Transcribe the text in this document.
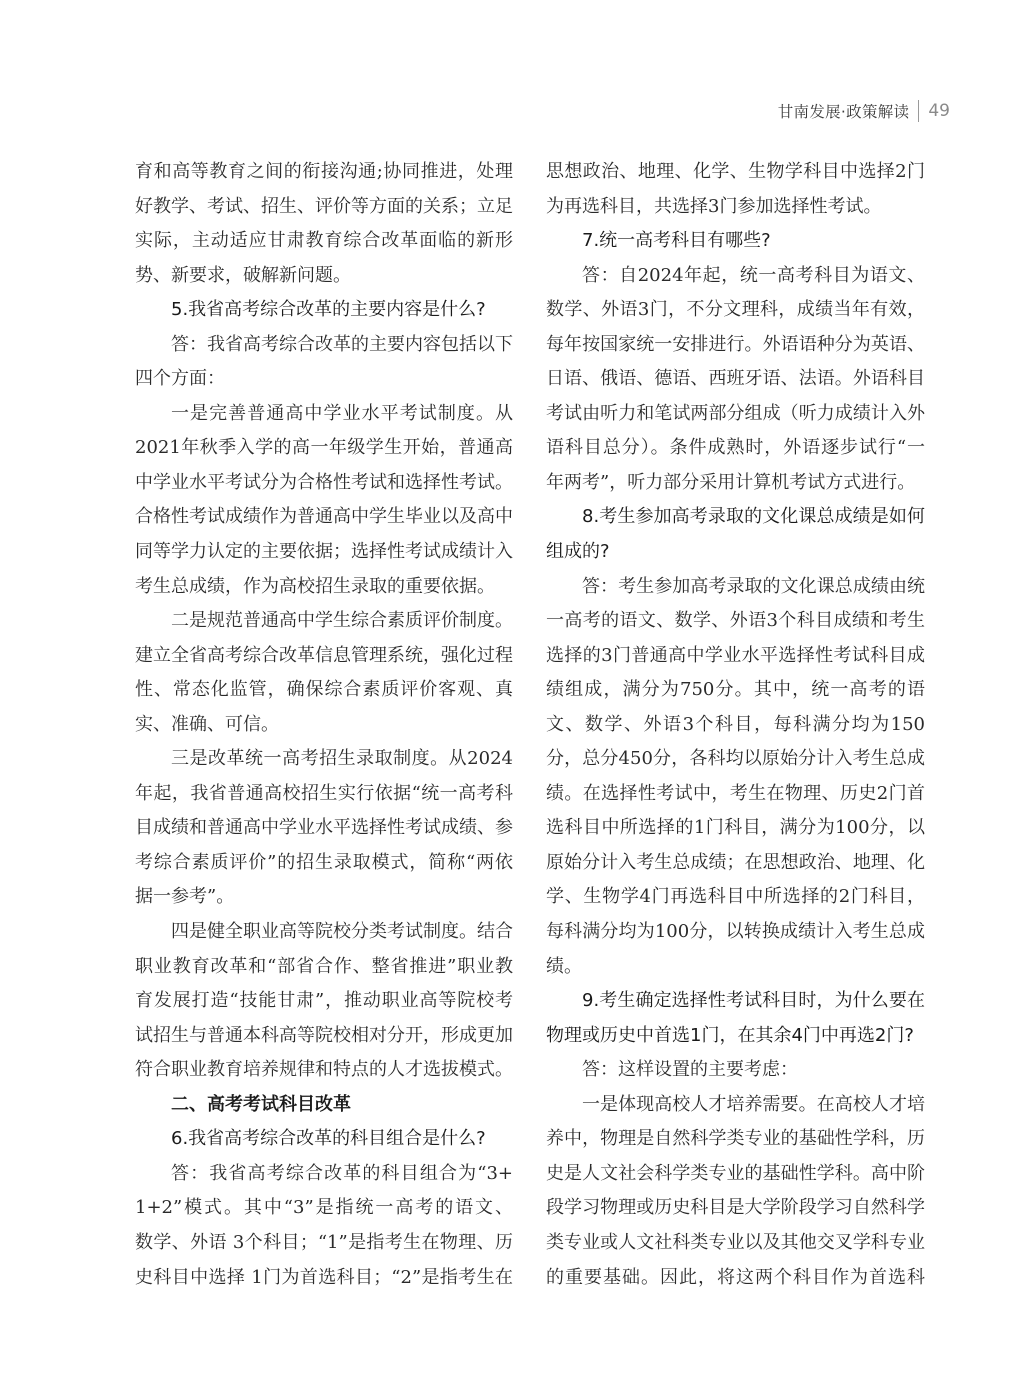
甘南发展·政策解读 49
育和高等教育之间的衔接沟通;协同推进，处理
好教学、考试、招生、评价等方面的关系；立足
实际，主动适应甘肃教育综合改革面临的新形
势、新要求，破解新问题。
5.我省高考综合改革的主要内容是什么?
答：我省高考综合改革的主要内容包括以下
四个方面：
一是完善普通高中学业水平考试制度。从
2021年秋季入学的高一年级学生开始，普通高
中学业水平考试分为合格性考试和选择性考试。
合格性考试成绩作为普通高中学生毕业以及高中
同等学力认定的主要依据；选择性考试成绩计入
考生总成绩，作为高校招生录取的重要依据。
二是规范普通高中学生综合素质评价制度。
建立全省高考综合改革信息管理系统，强化过程
性、常态化监管，确保综合素质评价客观、真
实、准确、可信。
三是改革统一高考招生录取制度。从2024
年起，我省普通高校招生实行依据“统一高考科
目成绩和普通高中学业水平选择性考试成绩、参
考综合素质评价”的招生录取模式，简称“两依
据一参考”。
四是健全职业高等院校分类考试制度。结合
职业教育改革和“部省合作、整省推进”职业教
育发展打造“技能甘肃”，推动职业高等院校考
试招生与普通本科高等院校相对分开，形成更加
符合职业教育培养规律和特点的人才选拔模式。
二、高考考试科目改革
6.我省高考综合改革的科目组合是什么?
答：我省高考综合改革的科目组合为“3+
1+2”模式。其中“3”是指统一高考的语文、
数学、外语 3个科目；“1”是指考生在物理、历
史科目中选择 1门为首选科目；“2”是指考生在
思想政治、地理、化学、生物学科目中选择2门
为再选科目，共选择3门参加选择性考试。
7.统一高考科目有哪些?
答：自2024年起，统一高考科目为语文、
数学、外语3门，不分文理科，成绩当年有效，
每年按国家统一安排进行。外语语种分为英语、
日语、俄语、德语、西班牙语、法语。外语科目
考试由听力和笔试两部分组成（听力成绩计入外
语科目总分）。条件成熟时，外语逐步试行“一
年两考”，听力部分采用计算机考试方式进行。
8.考生参加高考录取的文化课总成绩是如何
组成的?
答：考生参加高考录取的文化课总成绩由统
一高考的语文、数学、外语3个科目成绩和考生
选择的3门普通高中学业水平选择性考试科目成
绩组成，满分为750分。其中，统一高考的语
文、数学、外语3个科目，每科满分均为150
分，总分450分，各科均以原始分计入考生总成
绩。在选择性考试中，考生在物理、历史2门首
选科目中所选择的1门科目，满分为100分，以
原始分计入考生总成绩；在思想政治、地理、化
学、生物学4门再选科目中所选择的2门科目，
每科满分均为100分，以转换成绩计入考生总成
绩。
9.考生确定选择性考试科目时，为什么要在
物理或历史中首选1门，在其余4门中再选2门?
答：这样设置的主要考虑：
一是体现高校人才培养需要。在高校人才培
养中，物理是自然科学类专业的基础性学科，历
史是人文社会科学类专业的基础性学科。高中阶
段学习物理或历史科目是大学阶段学习自然科学
类专业或人文社科类专业以及其他交叉学科专业
的重要基础。因此，将这两个科目作为首选科
